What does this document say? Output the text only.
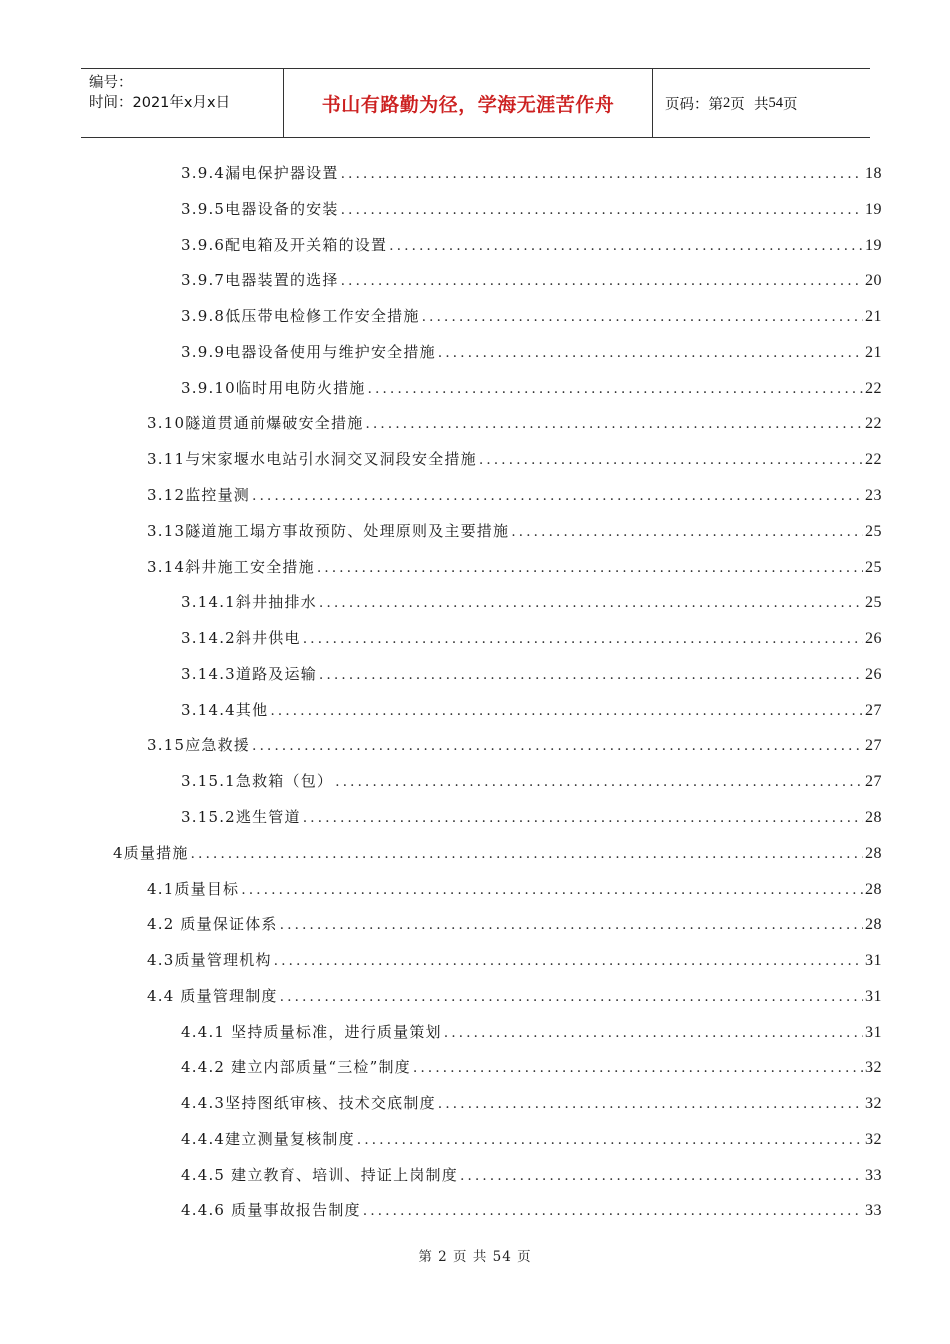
编号：
时间：2021年x月x日	书山有路勤为径，学海无涯苦作舟	页码：第 2 页  共 54 页
3.9.4漏电保护器设置 .....	18
3.9.5电器设备的安装 .....	19
3.9.6配电箱及开关箱的设置 .....	19
3.9.7电器装置的选择 .....	20
3.9.8低压带电检修工作安全措施 .....	21
3.9.9电器设备使用与维护安全措施 .....	21
3.9.10临时用电防火措施 .....	22
3.10隧道贯通前爆破安全措施 .....	22
3.11与宋家堰水电站引水洞交叉洞段安全措施 .....	22
3.12监控量测 .....	23
3.13隧道施工塌方事故预防、处理原则及主要措施 .....	25
3.14斜井施工安全措施 .....	25
3.14.1斜井抽排水 .....	25
3.14.2斜井供电 .....	26
3.14.3道路及运输 .....	26
3.14.4其他 .....	27
3.15应急救援 .....	27
3.15.1急救箱（包） .....	27
3.15.2逃生管道 .....	28
4质量措施 .....	28
4.1质量目标 .....	28
4.2 质量保证体系 .....	28
4.3质量管理机构 .....	31
4.4 质量管理制度 .....	31
4.4.1 坚持质量标准，进行质量策划 .....	31
4.4.2 建立内部质量“三检”制度 .....	32
4.4.3坚持图纸审核、技术交底制度 .....	32
4.4.4建立测量复核制度 .....	32
4.4.5 建立教育、培训、持证上岗制度 .....	33
4.4.6 质量事故报告制度 .....	33
第 2 页 共 54 页
